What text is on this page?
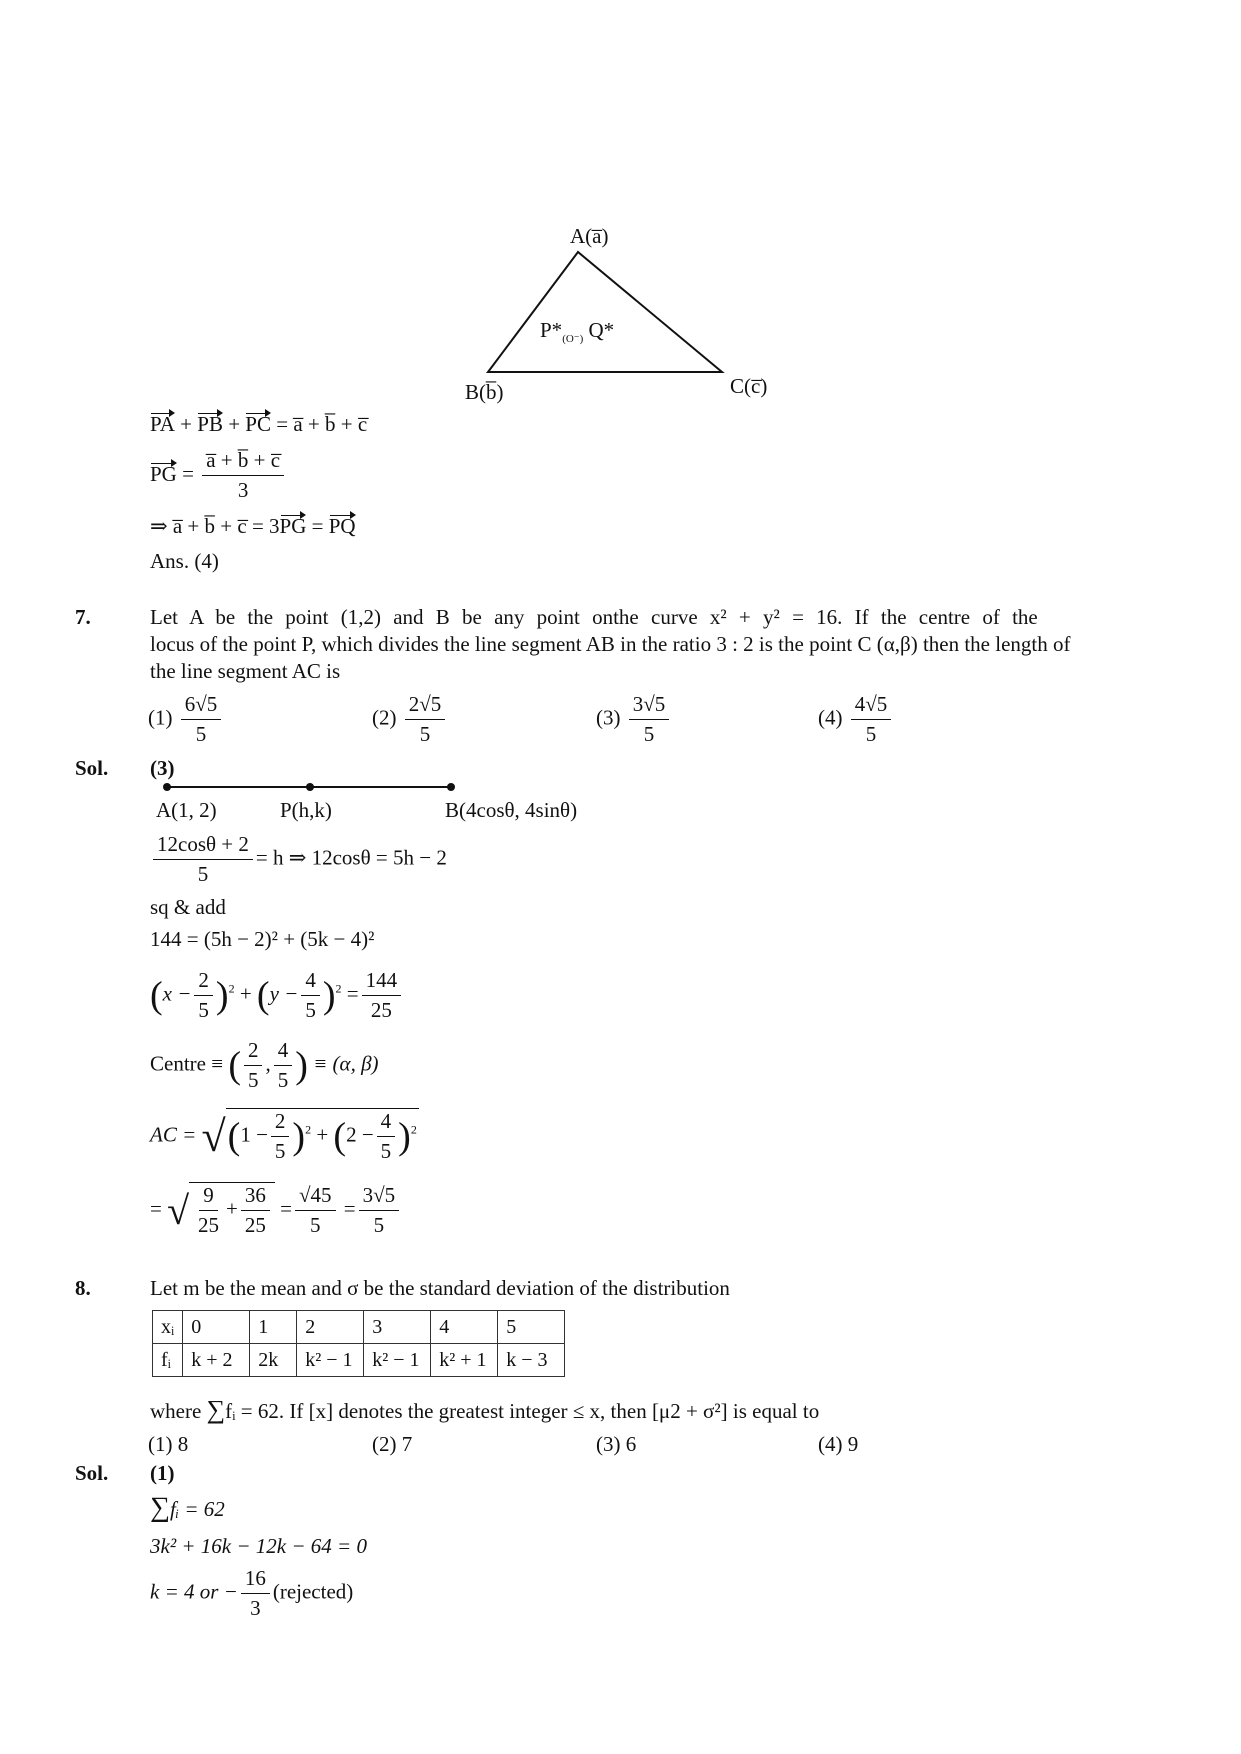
A(a̅)
B(b̅)	C(c̅)
$P*_{(O^-)}$ Q*
PA + PB + PC = a̅ + b̅ + c̅
PG = $\frac{a̅ + b̅ + c̅}{3}$
⇒ a̅ + b̅ + c̅ = 3PG = PQ
Ans. (4)
7.	Let A be the point (1,2) and B be any point onthe curve x² + y² = 16. If the centre of the
locus of the point P, which divides the line segment AB in the ratio 3 : 2 is the point C (α,β) then the length of
the line segment AC is
$(1) \frac{6√5}{5}$	$(2) \frac{2√5}{5}$	$(3) \frac{3√5}{5}$	$(4) \frac{4√5}{5}$
Sol. (3)
A(1, 2)	P(h,k)	B(4cosθ, 4sinθ)
$\frac{12\cos\theta + 2}{5} = h$ ⇒ 12cosθ = 5h − 2
sq & add
144 = (5h − 2)² + (5k − 4)²
$(x - \frac{2}{5} )^2 + (y - \frac{4}{5} )^2 = \frac{144}{25}$
Centre ≡ ( $\frac{2}{5}$ , $\frac{4}{5}$ ) ≡ (α, β)
AC = $√(1 - \frac{2}{5} )^2 + (2 - \frac{4}{5} )^2$
= √ $\frac{9}{25} + \frac{36}{25} = \frac{√45}{5} = \frac{3√5}{5}$
8.	Let m be the mean and σ be the standard deviation of the distribution
xᵢ	0	1	2	3	4	5
fᵢ	k + 2	2k	k² − 1	k² − 1	k² + 1	k − 3
where ∑fᵢ = 62. If [x] denotes the greatest integer ≤ x, then [μ2 + σ²] is equal to
(1) 8	(2) 7	(3) 6	(4) 9
Sol. (1)
∑fᵢ = 62
3k² + 16k − 12k − 64 = 0
k = 4 or − $\frac{16}{3}$ (rejected)
